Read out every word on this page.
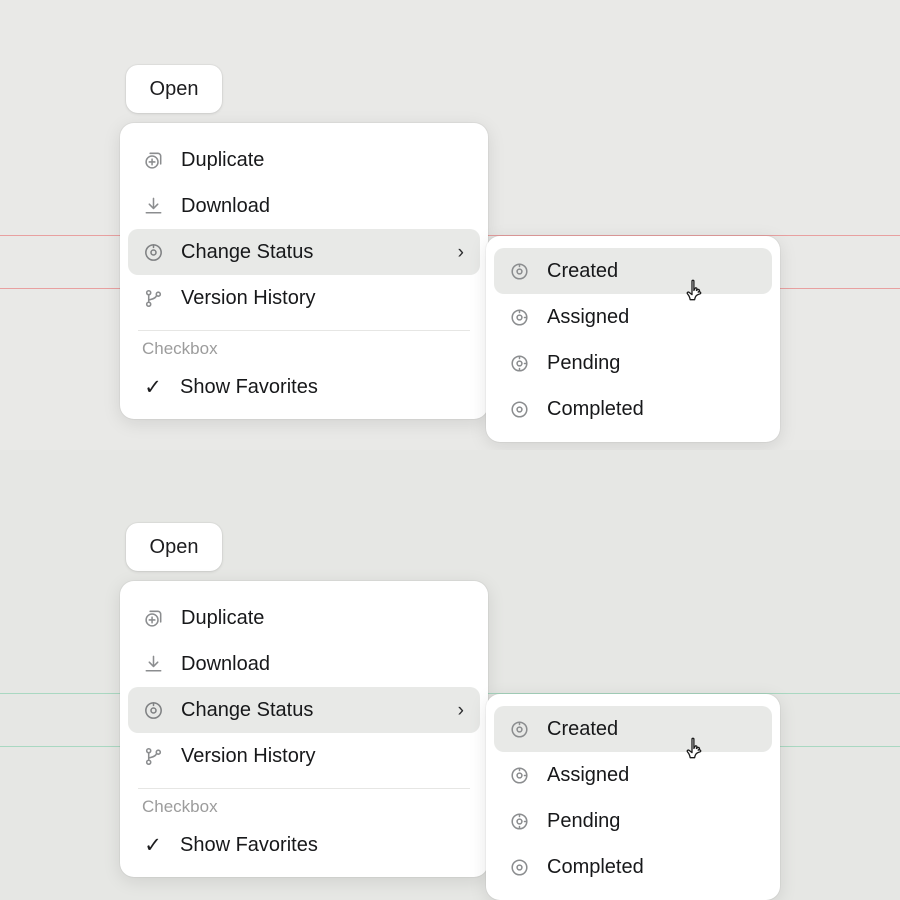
Open
Duplicate
Download
Change Status	›
Version History
Checkbox
✓ Show Favorites
Created
Assigned
Pending
Completed
Open
Duplicate
Download
Change Status	›
Version History
Checkbox
✓ Show Favorites
Created
Assigned
Pending
Completed
